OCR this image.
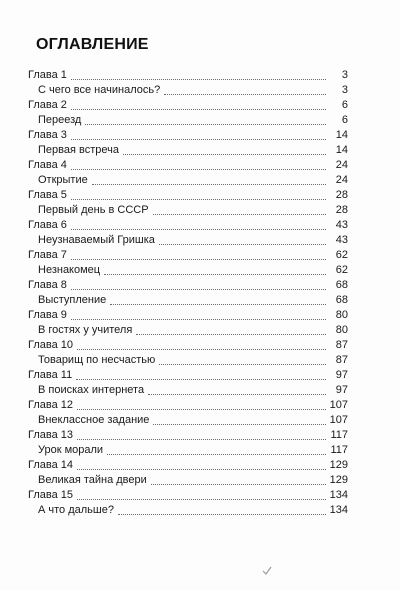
ОГЛАВЛЕНИЕ
Глава 1	3
С чего все начиналось?	3
Глава 2	6
Переезд	6
Глава 3	14
Первая встреча	14
Глава 4	24
Открытие	24
Глава 5	28
Первый день в СССР	28
Глава 6	43
Неузнаваемый Гришка	43
Глава 7	62
Незнакомец	62
Глава 8	68
Выступление	68
Глава 9	80
В гостях у учителя	80
Глава 10	87
Товарищ по несчастью	87
Глава 11	97
В поисках интернета	97
Глава 12	107
Внеклассное задание	107
Глава 13	117
Урок морали	117
Глава 14	129
Великая тайна двери	129
Глава 15	134
А что дальше?	134
